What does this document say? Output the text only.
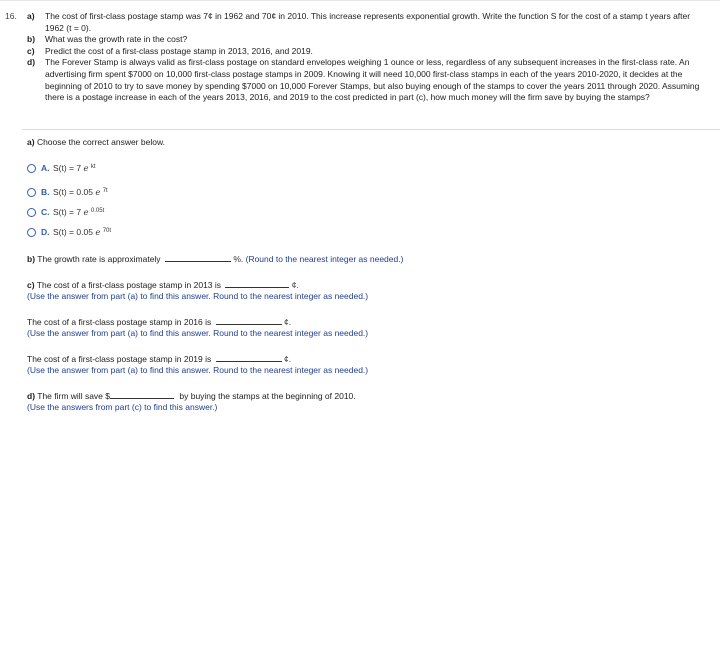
16. a)	The cost of first-class postage stamp was 7¢ in 1962 and 70¢ in 2010. This increase represents exponential growth. Write the function S for the cost of a stamp t years after 1962 (t = 0).
b)	What was the growth rate in the cost?
c)	Predict the cost of a first-class postage stamp in 2013, 2016, and 2019.
d)	The Forever Stamp is always valid as first-class postage on standard envelopes weighing 1 ounce or less, regardless of any subsequent increases in the first-class rate. An advertising firm spent $7000 on 10,000 first-class postage stamps in 2009. Knowing it will need 10,000 first-class stamps in each of the years 2010-2020, it decides at the beginning of 2010 to try to save money by spending $7000 on 10,000 Forever Stamps, but also buying enough of the stamps to cover the years 2011 through 2020. Assuming there is a postage increase in each of the years 2013, 2016, and 2019 to the cost predicted in part (c), how much money will the firm save by buying the stamps?
a) Choose the correct answer below.
A. S(t) = 7 e $^{kt}$
B. S(t) = 0.05 e $^{7t}$
C. S(t) = 7 e $^{0.05t}$
D. S(t) = 0.05 e $^{70t}$
b) The growth rate is approximately	%. (Round to the nearest integer as needed.)
c) The cost of a first-class postage stamp in 2013 is	¢.
(Use the answer from part (a) to find this answer. Round to the nearest integer as needed.)
The cost of a first-class postage stamp in 2016 is	¢.
(Use the answer from part (a) to find this answer. Round to the nearest integer as needed.)
The cost of a first-class postage stamp in 2019 is	¢.
(Use the answer from part (a) to find this answer. Round to the nearest integer as needed.)
d) The firm will save $	by buying the stamps at the beginning of 2010.
(Use the answers from part (c) to find this answer.)
